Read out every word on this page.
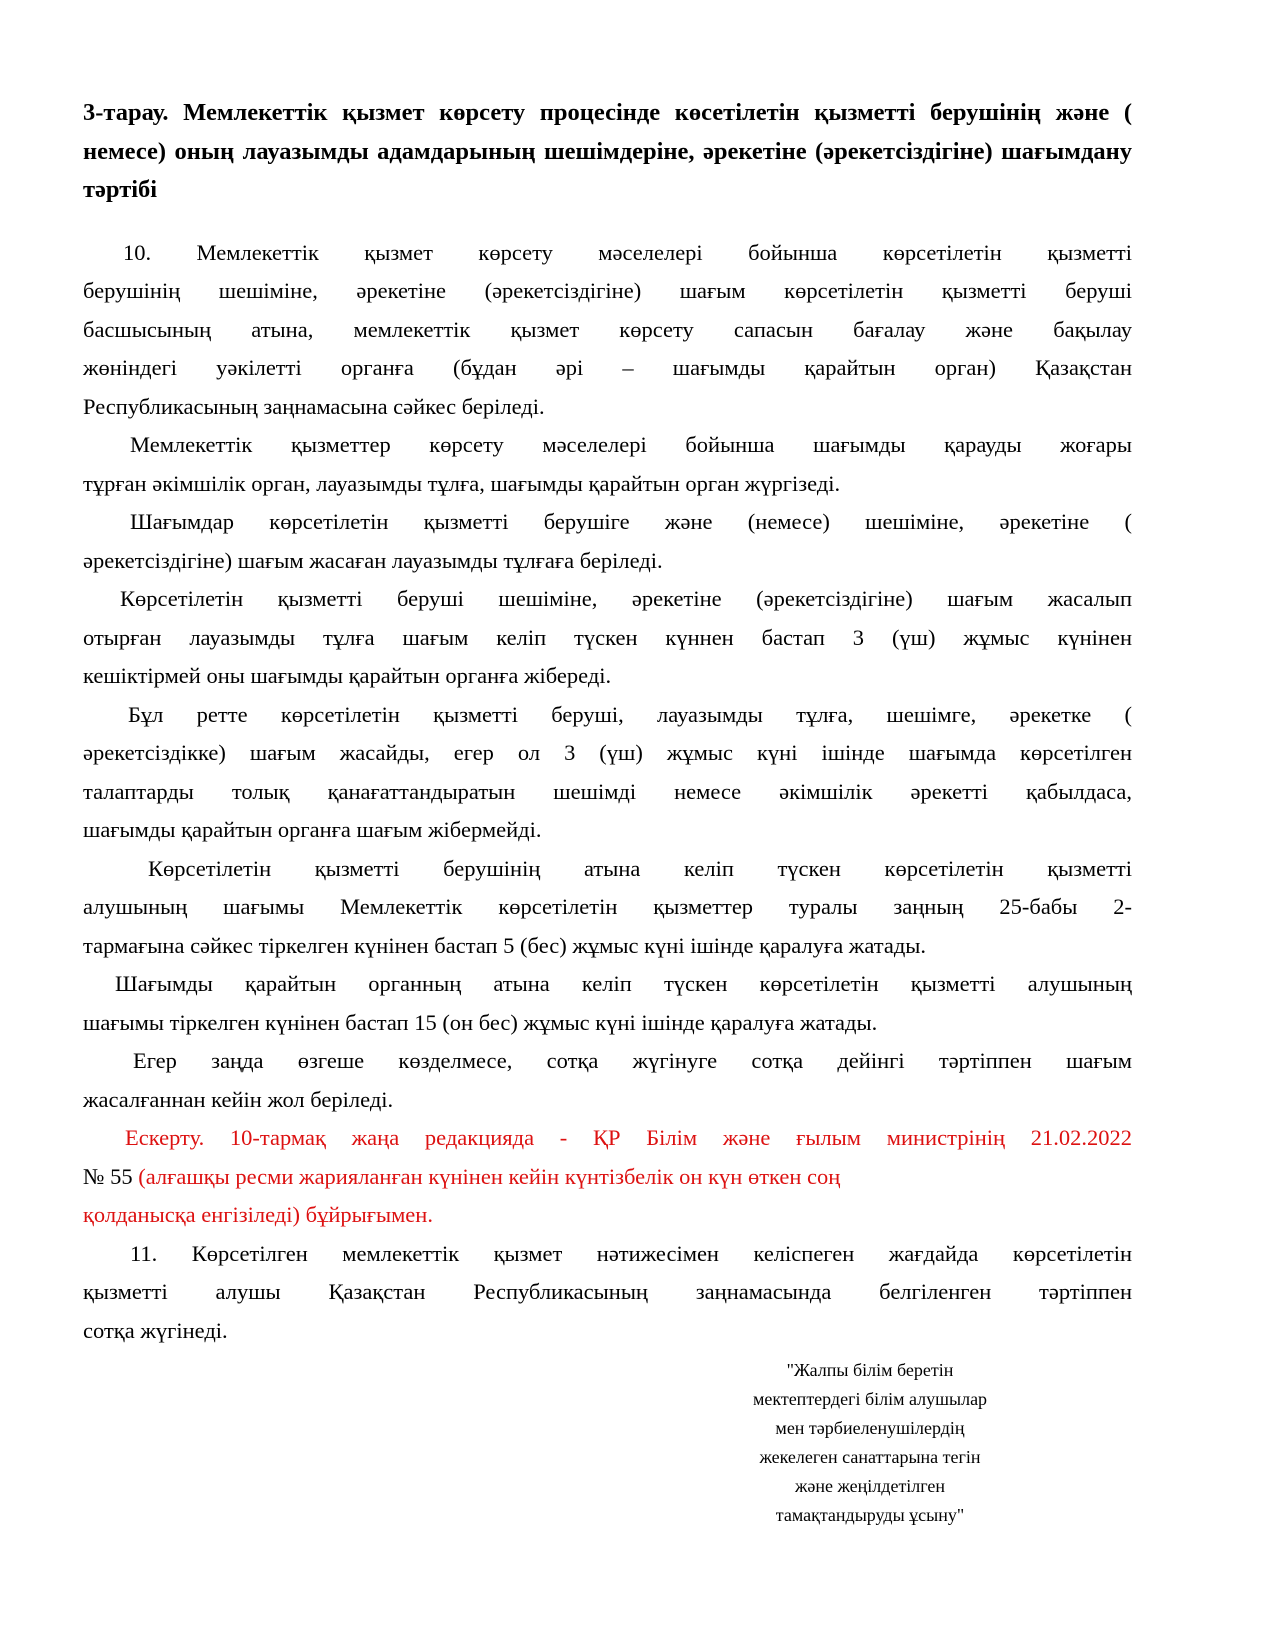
3-тарау. Мемлекеттік қызмет көрсету процесінде көсетілетін қызметті берушінің және (
немесе) оның лауазымды адамдарының шешімдеріне, әрекетіне (әрекетсіздігіне) шағымдану
тәртібі
10. Мемлекеттік қызмет көрсету мәселелері бойынша көрсетілетін қызметті
берушінің шешіміне, әрекетіне (әрекетсіздігіне) шағым көрсетілетін қызметті беруші
басшысының атына, мемлекеттік қызмет көрсету сапасын бағалау және бақылау
жөніндегі уәкілетті органға (бұдан әрі – шағымды қарайтын орган) Қазақстан
Республикасының заңнамасына сәйкес беріледі.
Мемлекеттік қызметтер көрсету мәселелері бойынша шағымды қарауды жоғары
тұрған әкімшілік орган, лауазымды тұлға, шағымды қарайтын орган жүргізеді.
Шағымдар көрсетілетін қызметті берушіге және (немесе) шешіміне, әрекетіне (
әрекетсіздігіне) шағым жасаған лауазымды тұлғаға беріледі.
Көрсетілетін қызметті беруші шешіміне, әрекетіне (әрекетсіздігіне) шағым жасалып
отырған лауазымды тұлға шағым келіп түскен күннен бастап 3 (үш) жұмыс күнінен
кешіктірмей оны шағымды қарайтын органға жібереді.
Бұл ретте көрсетілетін қызметті беруші, лауазымды тұлға, шешімге, әрекетке (
әрекетсіздікке) шағым жасайды, егер ол 3 (үш) жұмыс күні ішінде шағымда көрсетілген
талаптарды толық қанағаттандыратын шешімді немесе әкімшілік әрекетті қабылдаса,
шағымды қарайтын органға шағым жібермейді.
Көрсетілетін қызметті берушінің атына келіп түскен көрсетілетін қызметті
алушының шағымы Мемлекеттік көрсетілетін қызметтер туралы заңның 25-бабы 2-
тармағына сәйкес тіркелген күнінен бастап 5 (бес) жұмыс күні ішінде қаралуға жатады.
Шағымды қарайтын органның атына келіп түскен көрсетілетін қызметті алушының
шағымы тіркелген күнінен бастап 15 (он бес) жұмыс күні ішінде қаралуға жатады.
Егер заңда өзгеше көзделмесе, сотқа жүгінуге сотқа дейінгі тәртіппен шағым
жасалғаннан кейін жол беріледі.
Ескерту. 10-тармақ жаңа редакцияда - ҚР Білім және ғылым министрінің 21.02.2022
№ 55 (алғашқы ресми жарияланған күнінен кейін күнтізбелік он күн өткен соң
қолданысқа енгізіледі) бұйрығымен.
11. Көрсетілген мемлекеттік қызмет нәтижесімен келіспеген жағдайда көрсетілетін
қызметті алушы Қазақстан Республикасының заңнамасында белгіленген тәртіппен
сотқа жүгінеді.
"Жалпы білім беретін
мектептердегі білім алушылар
мен тәрбиеленушілердің
жекелеген санаттарына тегін
және жеңілдетілген
тамақтандыруды ұсыну"
